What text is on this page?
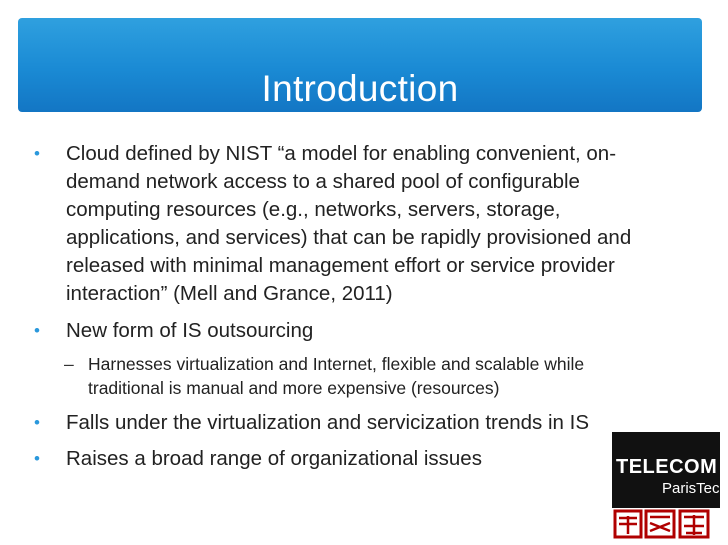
Introduction
• Cloud defined by NIST “a model for enabling convenient, on-demand network access to a shared pool of configurable computing resources (e.g., networks, servers, storage, applications, and services) that can be rapidly provisioned and released with minimal management effort or service provider interaction” (Mell and Grance, 2011)
• New form of IS outsourcing
– Harnesses virtualization and Internet, flexible and scalable while traditional is manual and more expensive (resources)
• Falls under the virtualization and servicization trends in IS
• Raises a broad range of organizational issues	TELECOM
ParisTech
